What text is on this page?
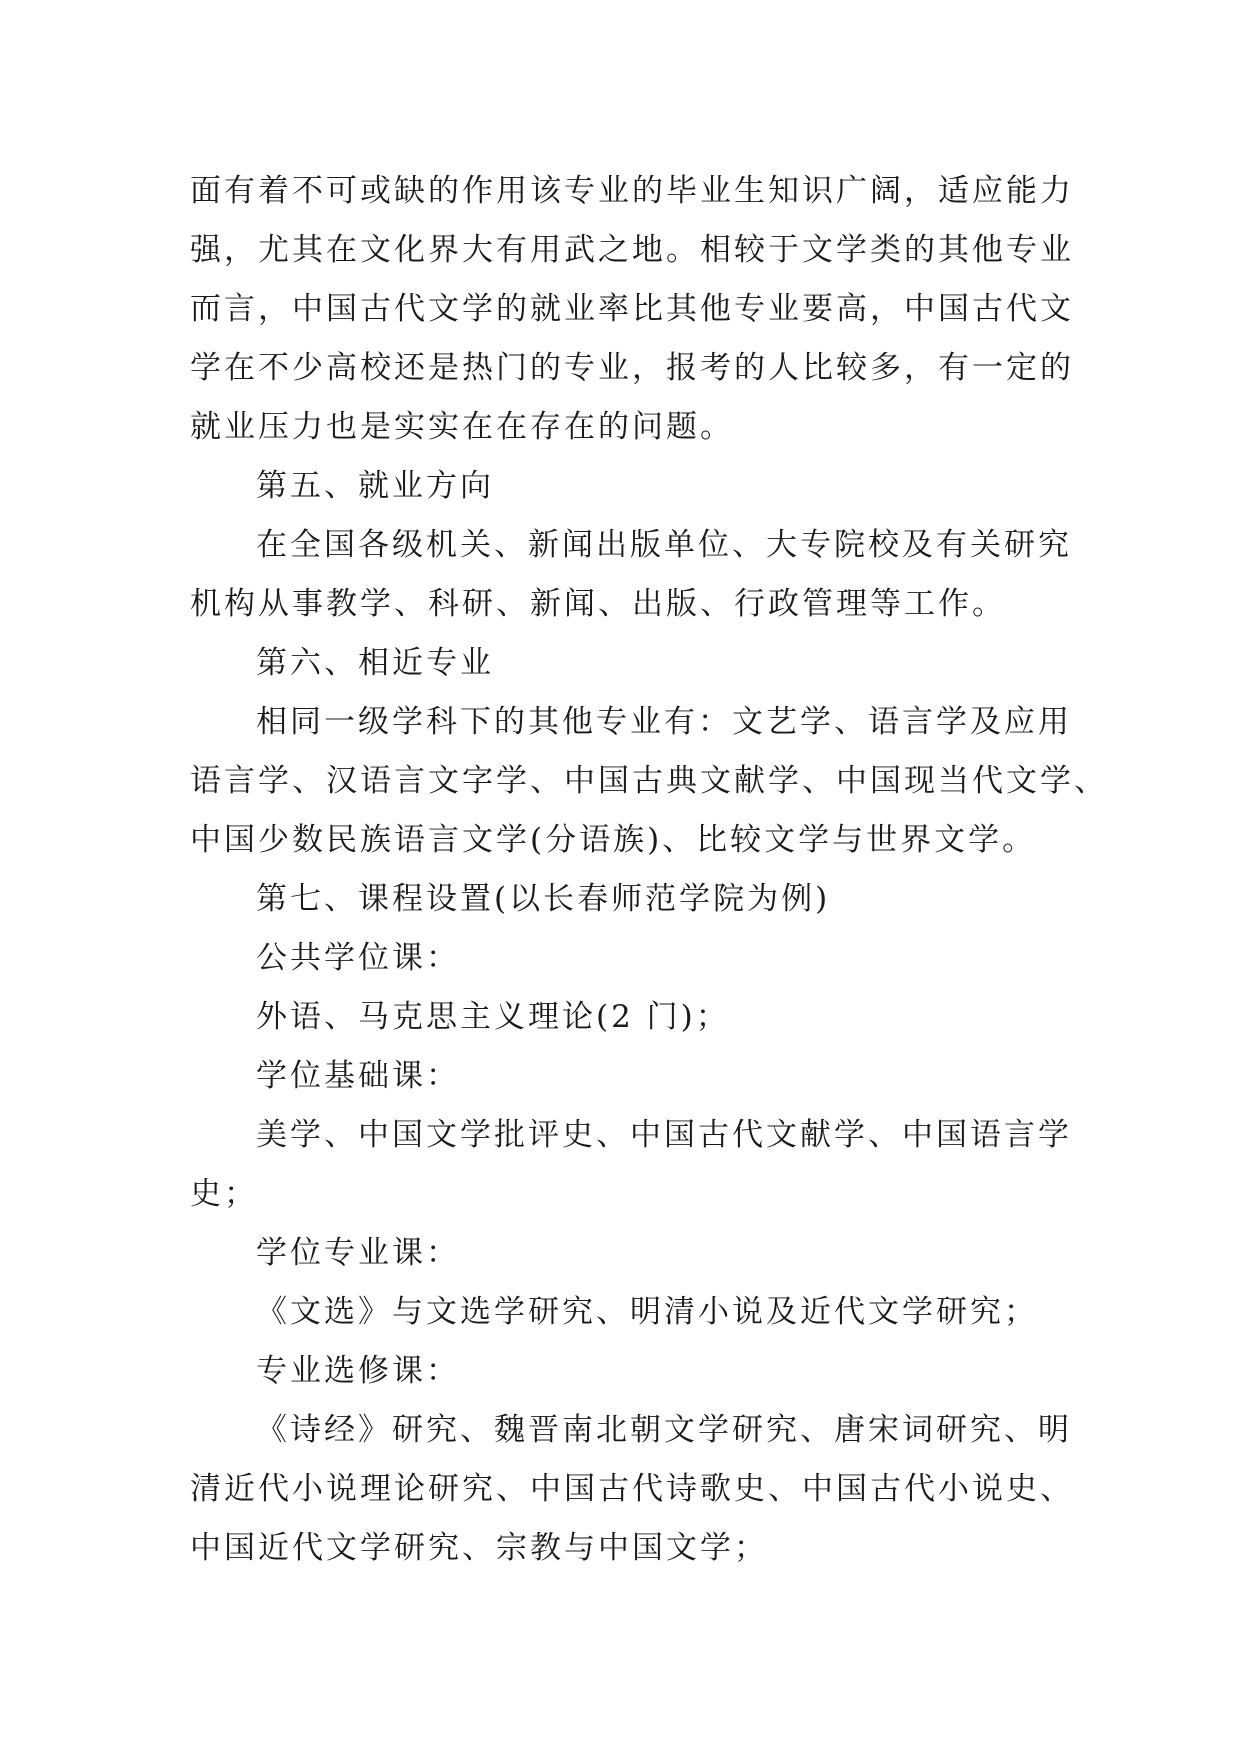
面有着不可或缺的作用该专业的毕业生知识广阔，适应能力
强，尤其在文化界大有用武之地。相较于文学类的其他专业
而言，中国古代文学的就业率比其他专业要高，中国古代文
学在不少高校还是热门的专业，报考的人比较多，有一定的
就业压力也是实实在在存在的问题。
第五、就业方向
在全国各级机关、新闻出版单位、大专院校及有关研究
机构从事教学、科研、新闻、出版、行政管理等工作。
第六、相近专业
相同一级学科下的其他专业有：文艺学、语言学及应用
语言学、汉语言文字学、中国古典文献学、中国现当代文学、
中国少数民族语言文学(分语族)、比较文学与世界文学。
第七、课程设置(以长春师范学院为例)
公共学位课：
外语、马克思主义理论(2 门)；
学位基础课：
美学、中国文学批评史、中国古代文献学、中国语言学
史；
学位专业课：
《文选》与文选学研究、明清小说及近代文学研究；
专业选修课：
《诗经》研究、魏晋南北朝文学研究、唐宋词研究、明
清近代小说理论研究、中国古代诗歌史、中国古代小说史、
中国近代文学研究、宗教与中国文学；
